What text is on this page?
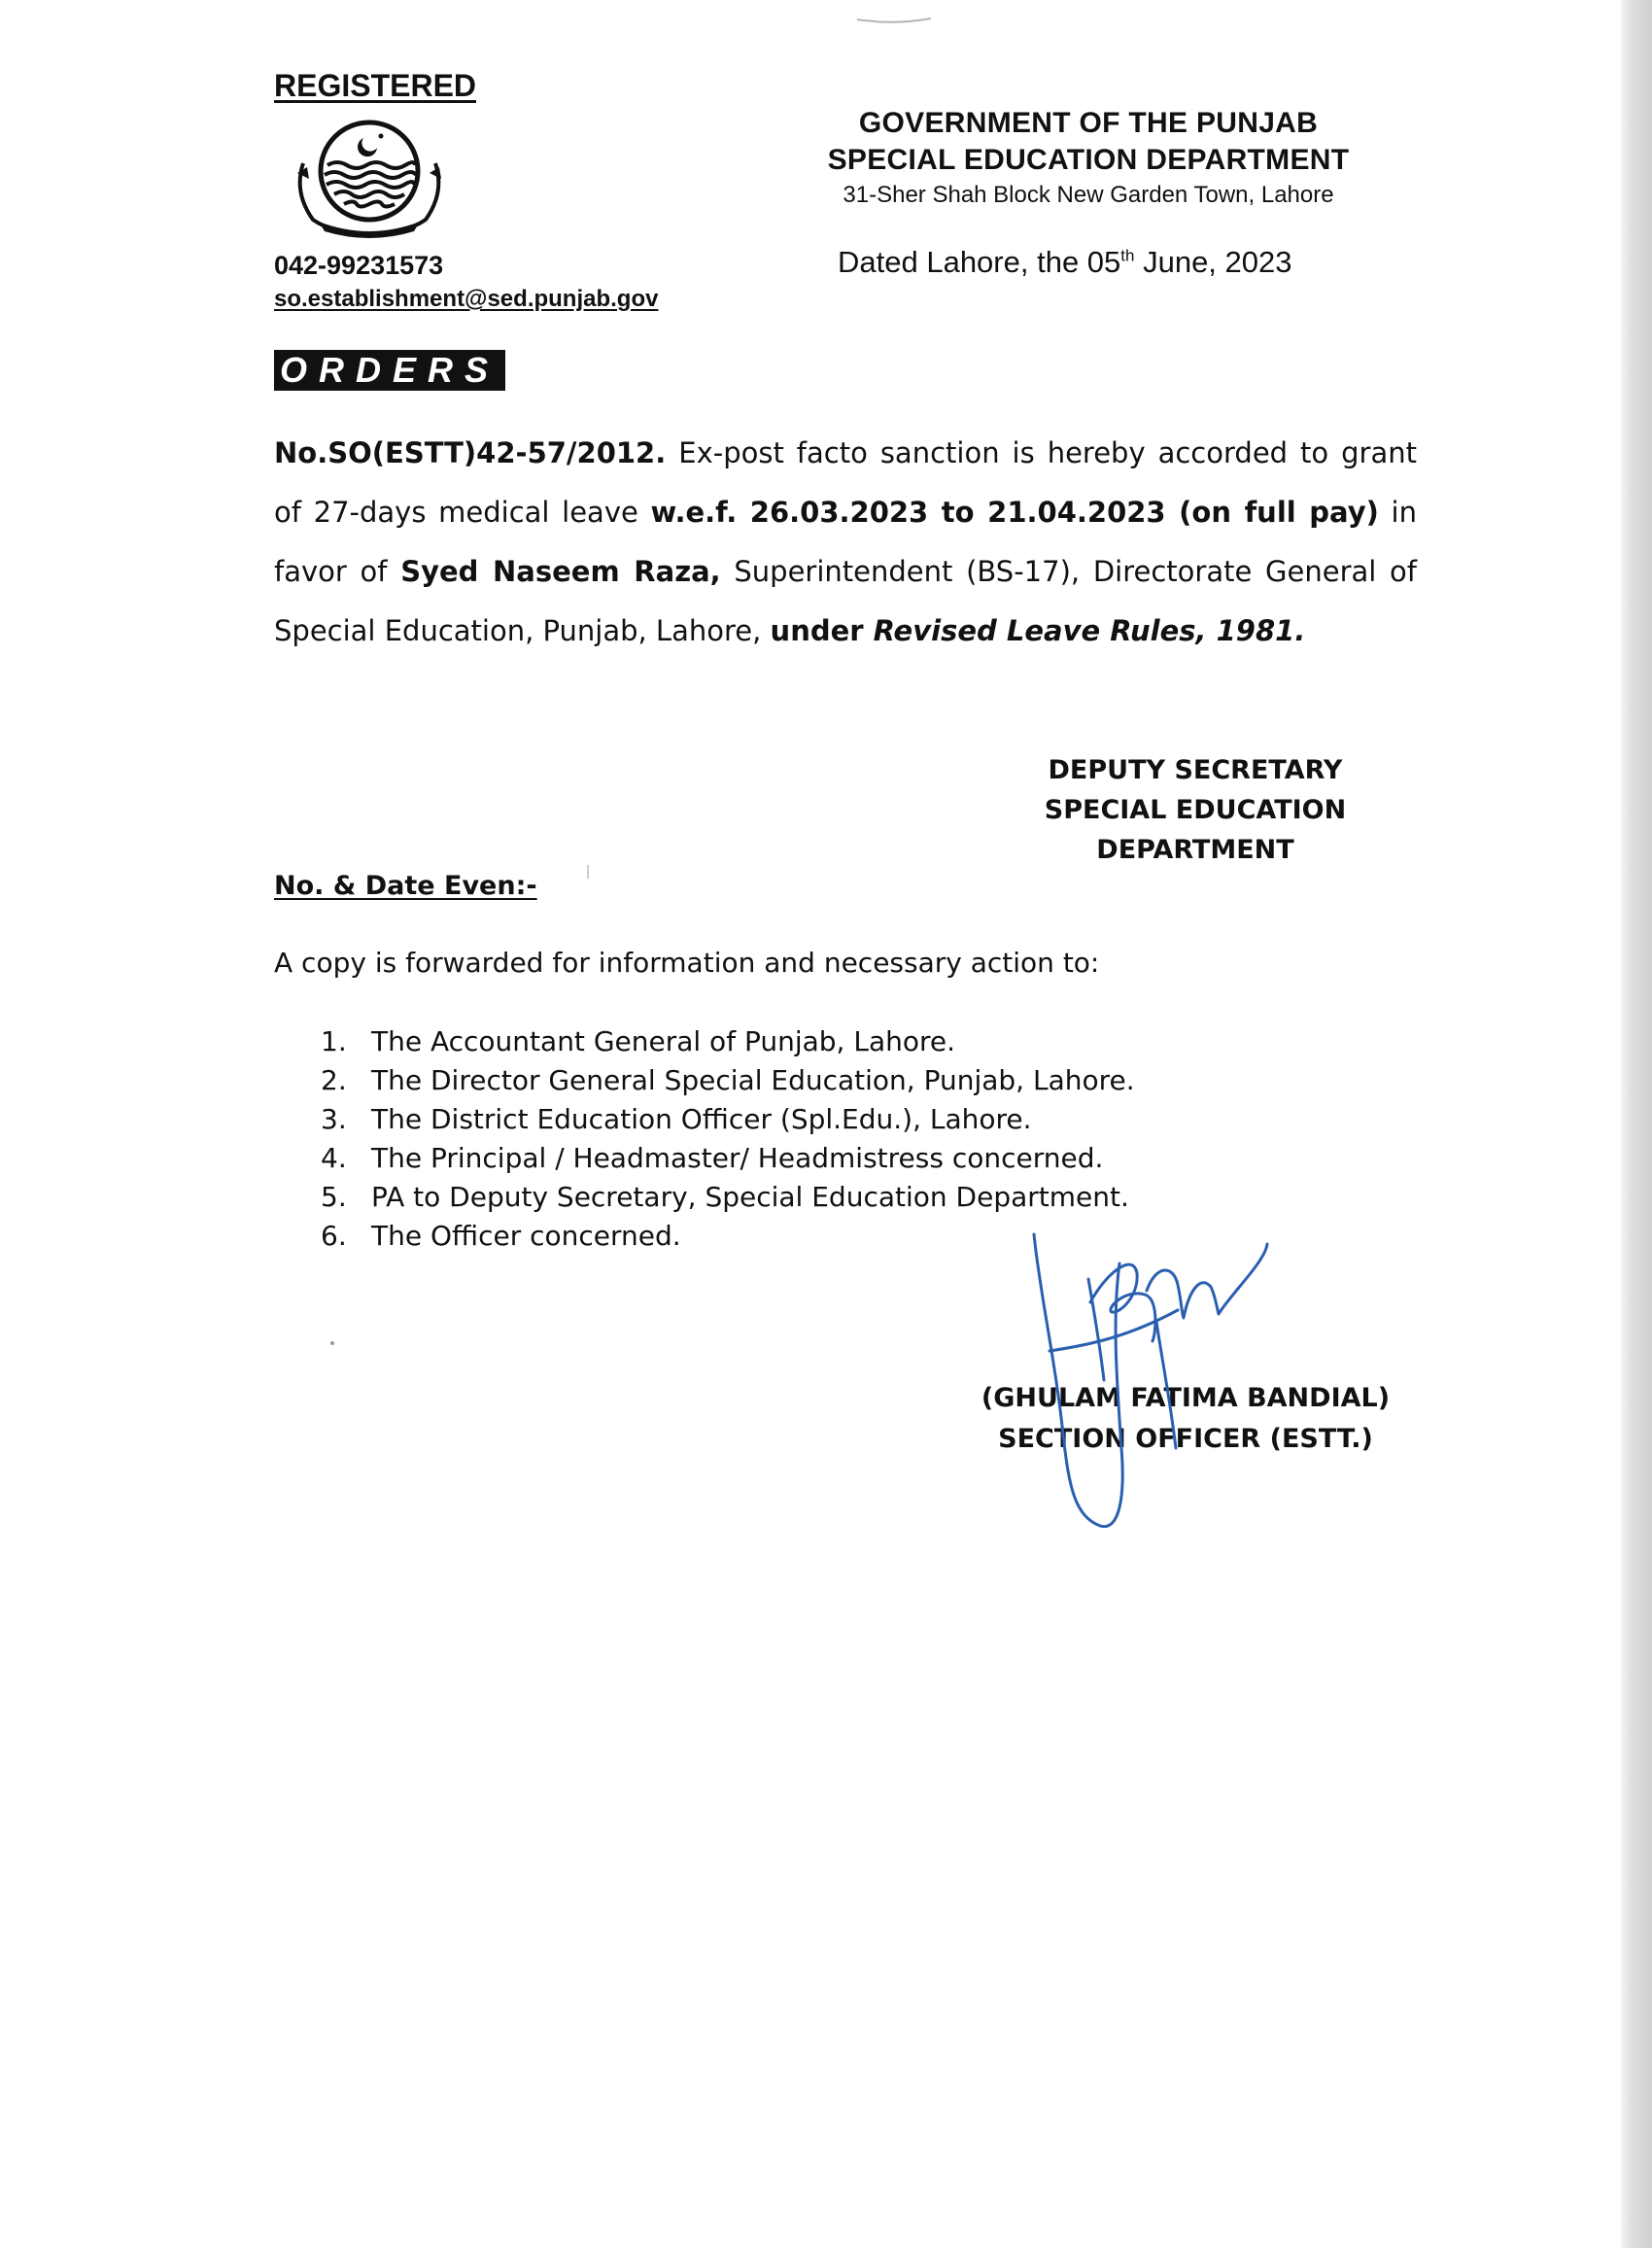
REGISTERED
042-99231573
so.establishment@sed.punjab.gov
GOVERNMENT OF THE PUNJAB
SPECIAL EDUCATION DEPARTMENT
31-Sher Shah Block New Garden Town, Lahore
Dated Lahore, the 05th June, 2023
ORDERS
No.SO(ESTT)42-57/2012. Ex-post facto sanction is hereby accorded to grant of 27-days medical leave w.e.f. 26.03.2023 to 21.04.2023 (on full pay) in favor of Syed Naseem Raza, Superintendent (BS-17), Directorate General of Special Education, Punjab, Lahore, under Revised Leave Rules, 1981.
DEPUTY SECRETARY
SPECIAL EDUCATION
DEPARTMENT
No. & Date Even:-
A copy is forwarded for information and necessary action to:
1. The Accountant General of Punjab, Lahore.
2. The Director General Special Education, Punjab, Lahore.
3. The District Education Officer (Spl.Edu.), Lahore.
4. The Principal / Headmaster/ Headmistress concerned.
5. PA to Deputy Secretary, Special Education Department.
6. The Officer concerned.
(GHULAM FATIMA BANDIAL)
SECTION OFFICER (ESTT.)
